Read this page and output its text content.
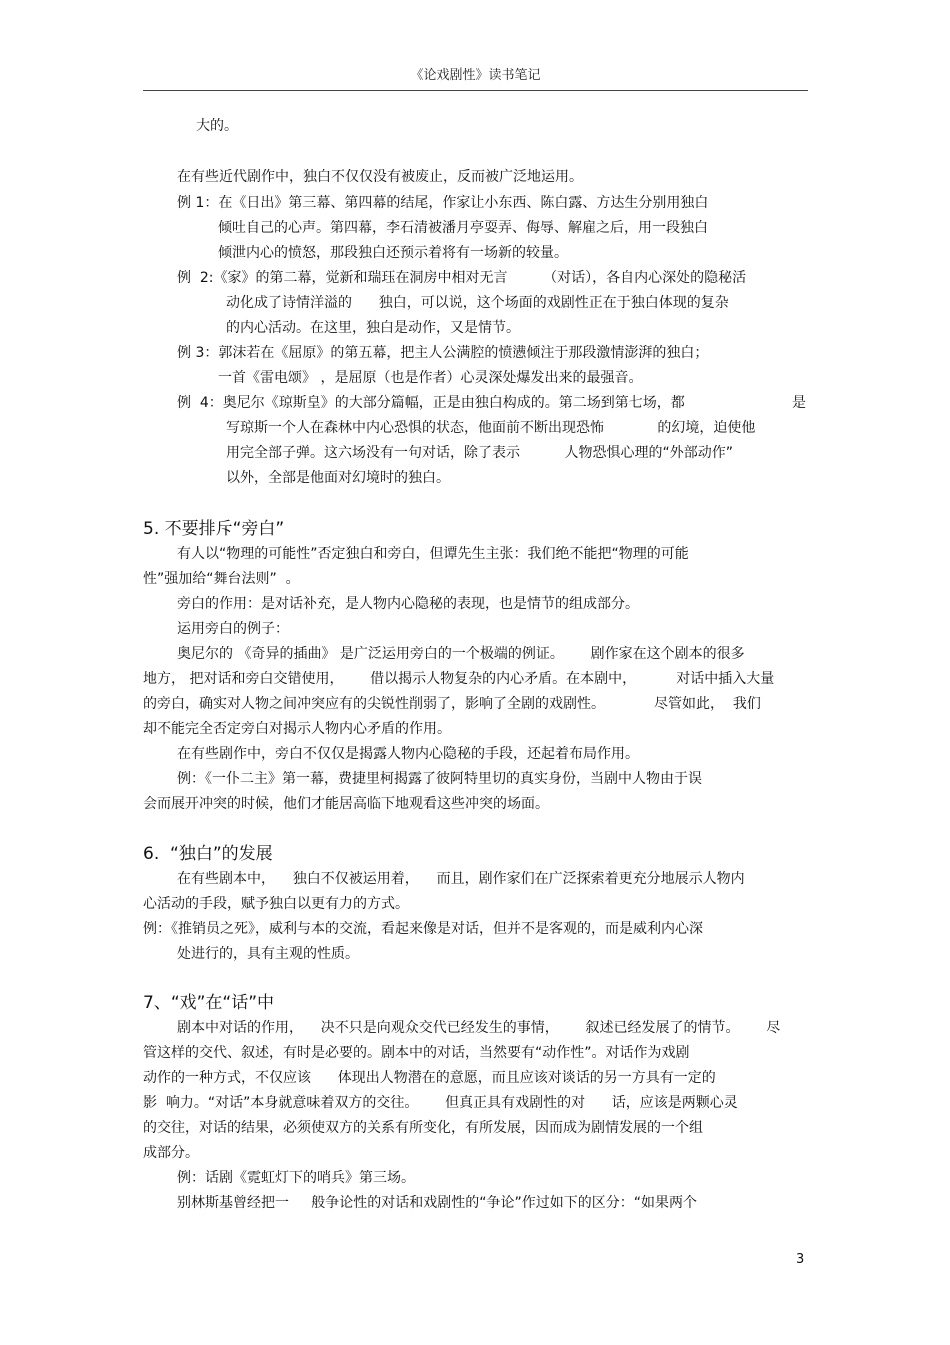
《论戏剧性》读书笔记
大的。
在有些近代剧作中，独白不仅仅没有被废止，反而被广泛地运用。
例 1：在《日出》第三幕、第四幕的结尾，作家让小东西、陈白露、方达生分别用独白
倾吐自己的心声。第四幕，李石清被潘月亭耍弄、侮辱、解雇之后，用一段独白
倾泄内心的愤怒，那段独白还预示着将有一场新的较量。
例  2:《家》的第二幕，觉新和瑞珏在洞房中相对无言        （对话），各自内心深处的隐秘活
动化成了诗情洋溢的      独白，可以说，这个场面的戏剧性正在于独白体现的复杂
的内心活动。在这里，独白是动作，又是情节。
例 3：郭沫若在《屈原》的第五幕，把主人公满腔的愤懑倾注于那段激情澎湃的独白；
一首《雷电颂》 ，是屈原（也是作者）心灵深处爆发出来的最强音。
例  4：奥尼尔《琼斯皇》的大部分篇幅，正是由独白构成的。第二场到第七场，都	是
写琼斯一个人在森林中内心恐惧的状态，他面前不断出现恐怖            的幻境，迫使他
用完全部子弹。这六场没有一句对话，除了表示          人物恐惧心理的“外部动作”
以外，全部是他面对幻境时的独白。
5. 不要排斥“旁白”
有人以“物理的可能性”否定独白和旁白，但谭先生主张：我们绝不能把“物理的可能
性”强加给“舞台法则”  。
旁白的作用：是对话补充，是人物内心隐秘的表现，也是情节的组成部分。
运用旁白的例子：
奥尼尔的 《奇异的插曲》 是广泛运用旁白的一个极端的例证。      剧作家在这个剧本的很多
地方， 把对话和旁白交错使用，      借以揭示人物复杂的内心矛盾。在本剧中，         对话中插入大量
的旁白，确实对人物之间冲突应有的尖锐性削弱了，影响了全剧的戏剧性。           尽管如此，  我们
却不能完全否定旁白对揭示人物内心矛盾的作用。
在有些剧作中，旁白不仅仅是揭露人物内心隐秘的手段，还起着布局作用。
例：《一仆二主》第一幕，费捷里柯揭露了彼阿特里切的真实身份，当剧中人物由于误
会而展开冲突的时候，他们才能居高临下地观看这些冲突的场面。
6.  “独白”的发展
在有些剧本中，    独白不仅被运用着，    而且，剧作家们在广泛探索着更充分地展示人物内
心活动的手段，赋予独白以更有力的方式。
例：《推销员之死》，威利与本的交流，看起来像是对话，但并不是客观的，而是威利内心深
处进行的，具有主观的性质。
7、“戏”在“话”中
剧本中对话的作用，    决不只是向观众交代已经发生的事情，      叙述已经发展了的情节。      尽
管这样的交代、叙述，有时是必要的。剧本中的对话，当然要有“动作性”。对话作为戏剧
动作的一种方式，不仅应该      体现出人物潜在的意愿，而且应该对谈话的另一方具有一定的
影  响力。“对话”本身就意味着双方的交往。      但真正具有戏剧性的对      话，应该是两颗心灵
的交往，对话的结果，必须使双方的关系有所变化，有所发展，因而成为剧情发展的一个组
成部分。
例：话剧《霓虹灯下的哨兵》第三场。
别林斯基曾经把一     般争论性的对话和戏剧性的“争论”作过如下的区分：“如果两个
3
